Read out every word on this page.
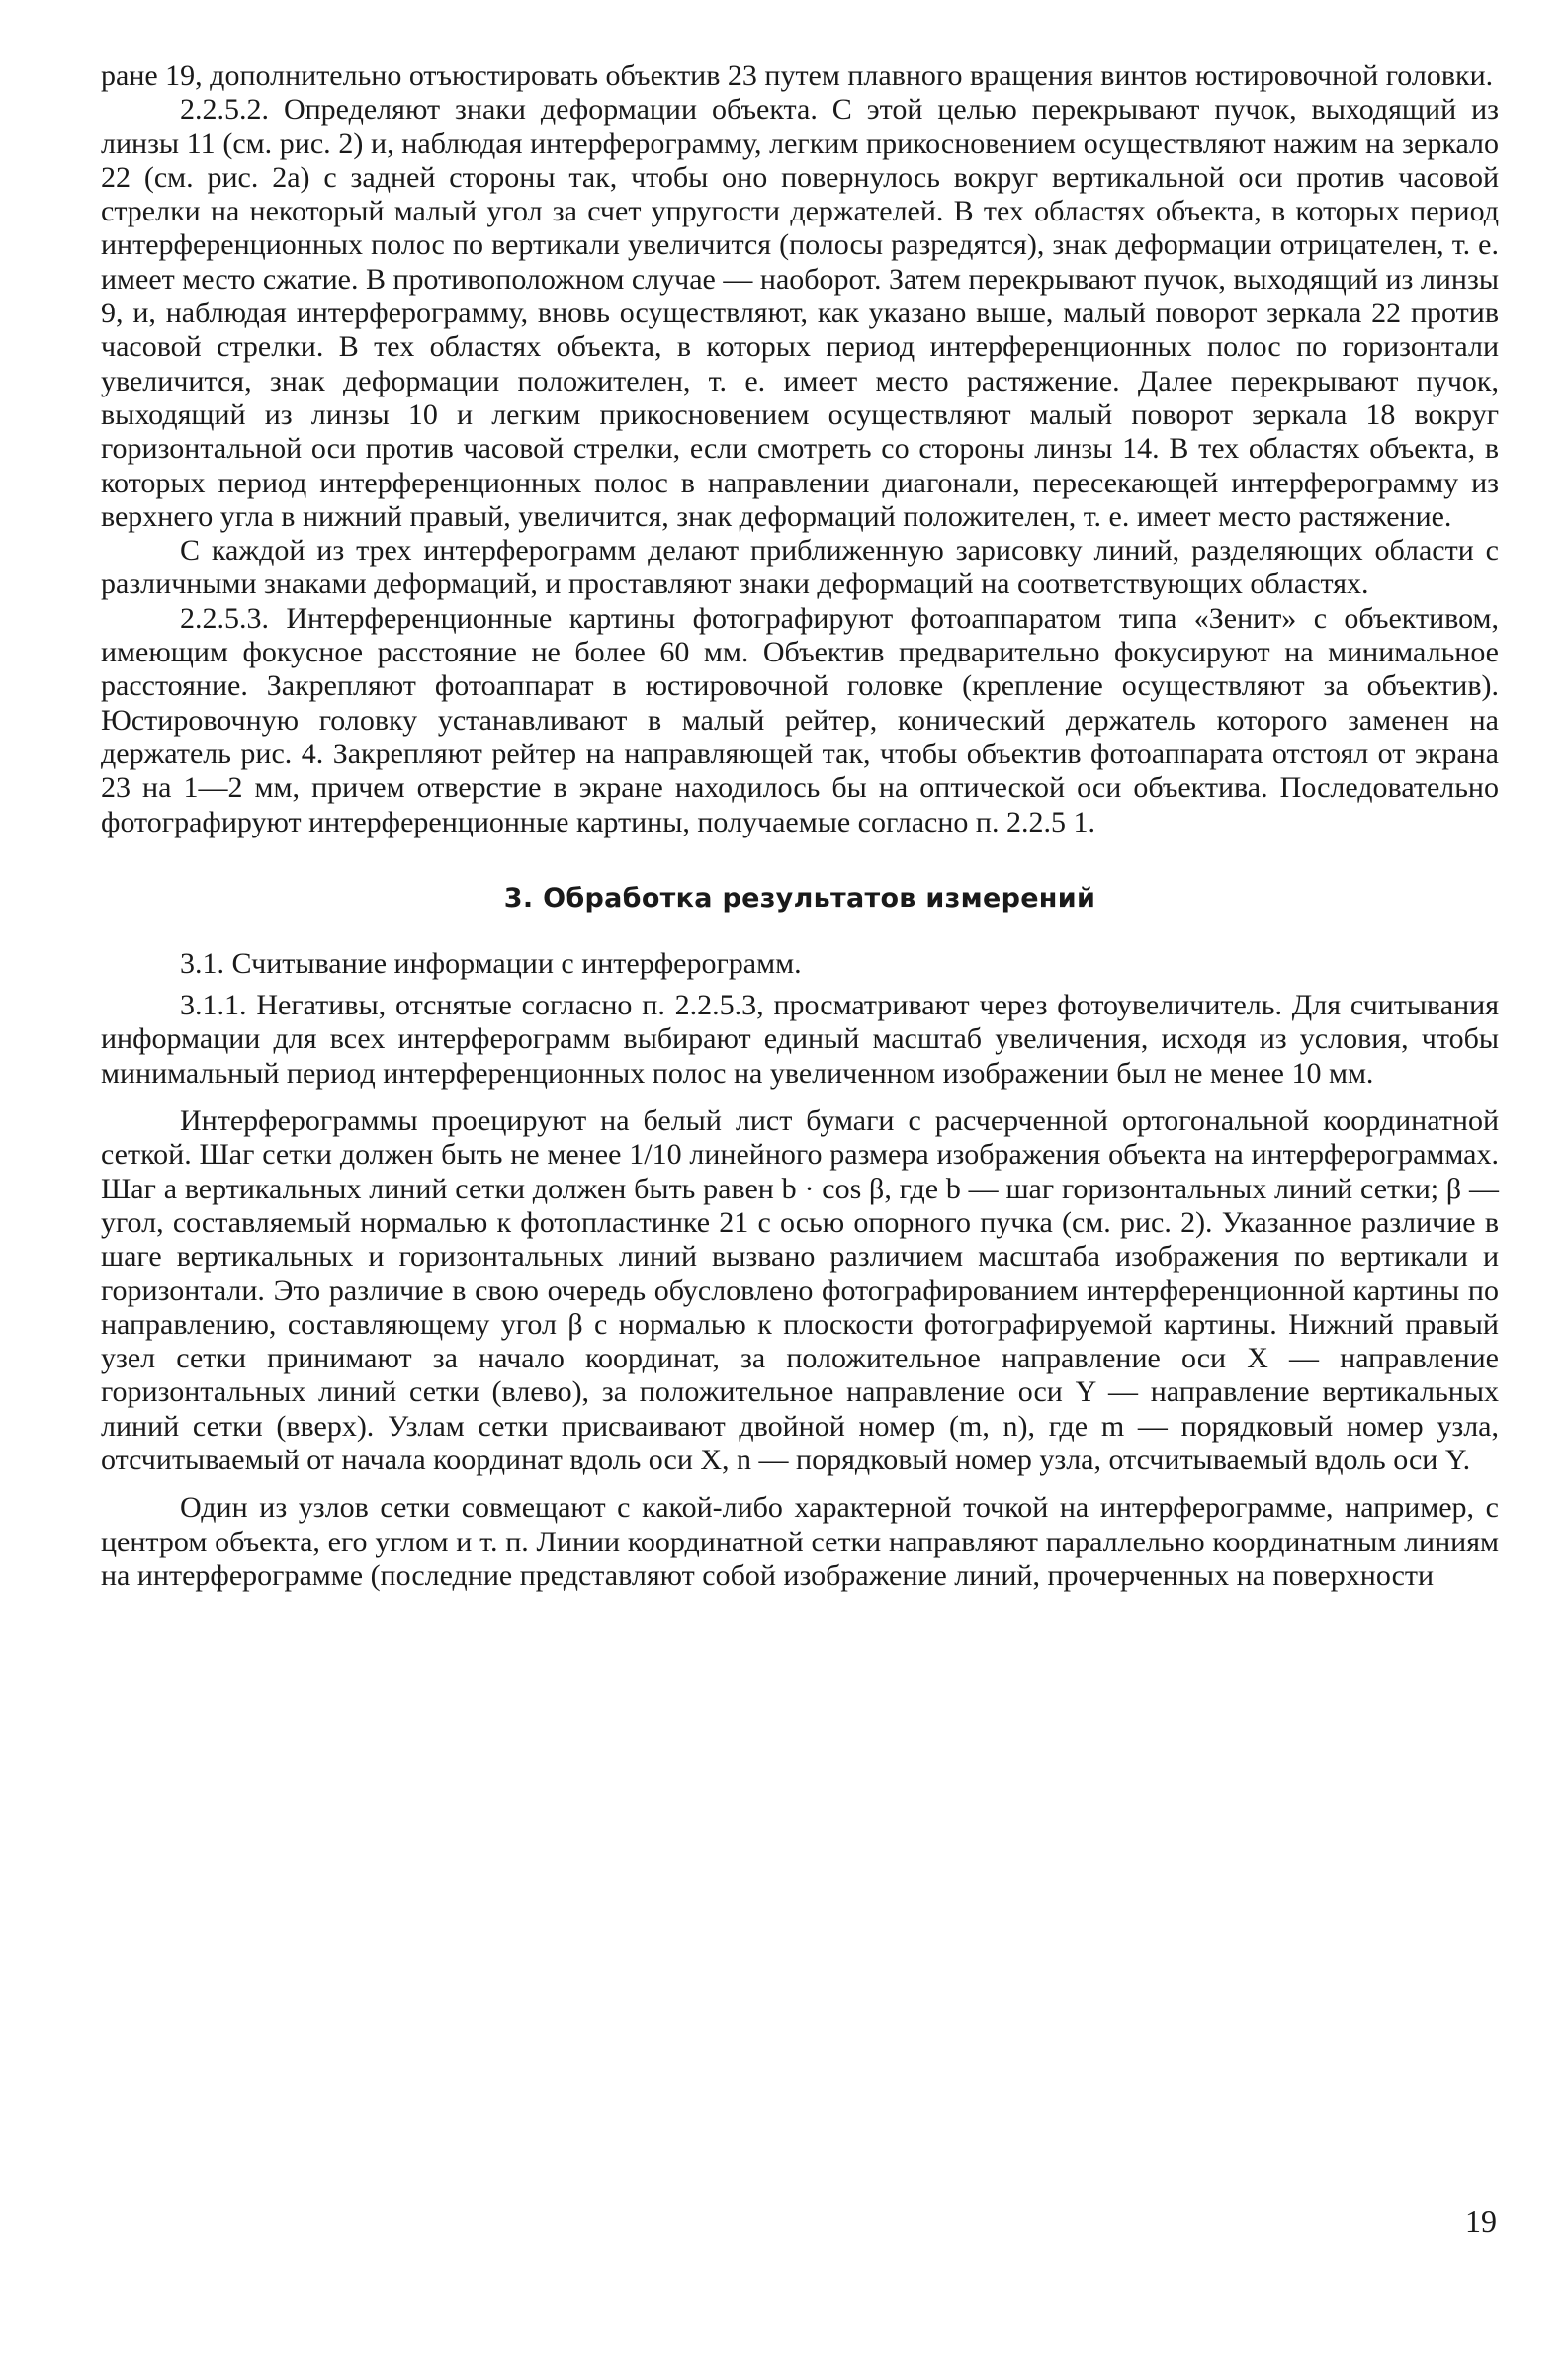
ране 19, дополнительно отъюстировать объектив 23 путем плавного вращения винтов юстировочной головки.

2.2.5.2. Определяют знаки деформации объекта. С этой целью перекрывают пучок, выходящий из линзы 11 (см. рис. 2) и, наблюдая интерферограмму, легким прикосновением осуществляют нажим на зеркало 22 (см. рис. 2а) с задней стороны так, чтобы оно повернулось вокруг вертикальной оси против часовой стрелки на некоторый малый угол за счет упругости держателей. В тех областях объекта, в которых период интерференционных полос по вертикали увеличится (полосы разредятся), знак деформации отрицателен, т. е. имеет место сжатие. В противоположном случае — наоборот. Затем перекрывают пучок, выходящий из линзы 9, и, наблюдая интерферограмму, вновь осуществляют, как указано выше, малый поворот зеркала 22 против часовой стрелки. В тех областях объекта, в которых период интерференционных полос по горизонтали увеличится, знак деформации положителен, т. е. имеет место растяжение. Далее перекрывают пучок, выходящий из линзы 10 и легким прикосновением осуществляют малый поворот зеркала 18 вокруг горизонтальной оси против часовой стрелки, если смотреть со стороны линзы 14. В тех областях объекта, в которых период интерференционных полос в направлении диагонали, пересекающей интерферограмму из верхнего угла в нижний правый, увеличится, знак деформаций положителен, т. е. имеет место растяжение.

С каждой из трех интерферограмм делают приближенную зарисовку линий, разделяющих области с различными знаками деформаций, и проставляют знаки деформаций на соответствующих областях.

2.2.5.3. Интерференционные картины фотографируют фотоаппаратом типа «Зенит» с объективом, имеющим фокусное расстояние не более 60 мм. Объектив предварительно фокусируют на минимальное расстояние. Закрепляют фотоаппарат в юстировочной головке (крепление осуществляют за объектив). Юстировочную головку устанавливают в малый рейтер, конический держатель которого заменен на держатель рис. 4. Закрепляют рейтер на направляющей так, чтобы объектив фотоаппарата отстоял от экрана 23 на 1—2 мм, причем отверстие в экране находилось бы на оптической оси объектива. Последовательно фотографируют интерференционные картины, получаемые согласно п. 2.2.5 1.

3. Обработка результатов измерений

3.1. Считывание информации с интерферограмм.

3.1.1. Негативы, отснятые согласно п. 2.2.5.3, просматривают через фотоувеличитель. Для считывания информации для всех интерферограмм выбирают единый масштаб увеличения, исходя из условия, чтобы минимальный период интерференционных полос на увеличенном изображении был не менее 10 мм.

Интерферограммы проецируют на белый лист бумаги с расчерченной ортогональной координатной сеткой. Шаг сетки должен быть не менее 1/10 линейного размера изображения объекта на интерферограммах. Шаг a вертикальных линий сетки должен быть равен b · cos β, где b — шаг горизонтальных линий сетки; β — угол, составляемый нормалью к фотопластинке 21 с осью опорного пучка (см. рис. 2). Указанное различие в шаге вертикальных и горизонтальных линий вызвано различием масштаба изображения по вертикали и горизонтали. Это различие в свою очередь обусловлено фотографированием интерференционной картины по направлению, составляющему угол β с нормалью к плоскости фотографируемой картины. Нижний правый узел сетки принимают за начало координат, за положительное направление оси X — направление горизонтальных линий сетки (влево), за положительное направление оси Y — направление вертикальных линий сетки (вверх). Узлам сетки присваивают двойной номер (m, n), где m — порядковый номер узла, отсчитываемый от начала координат вдоль оси X, n — порядковый номер узла, отсчитываемый вдоль оси Y.

Один из узлов сетки совмещают с какой-либо характерной точкой на интерферограмме, например, с центром объекта, его углом и т. п. Линии координатной сетки направляют параллельно координатным линиям на интерферограмме (последние представляют собой изображение линий, прочерченных на поверхности

19
